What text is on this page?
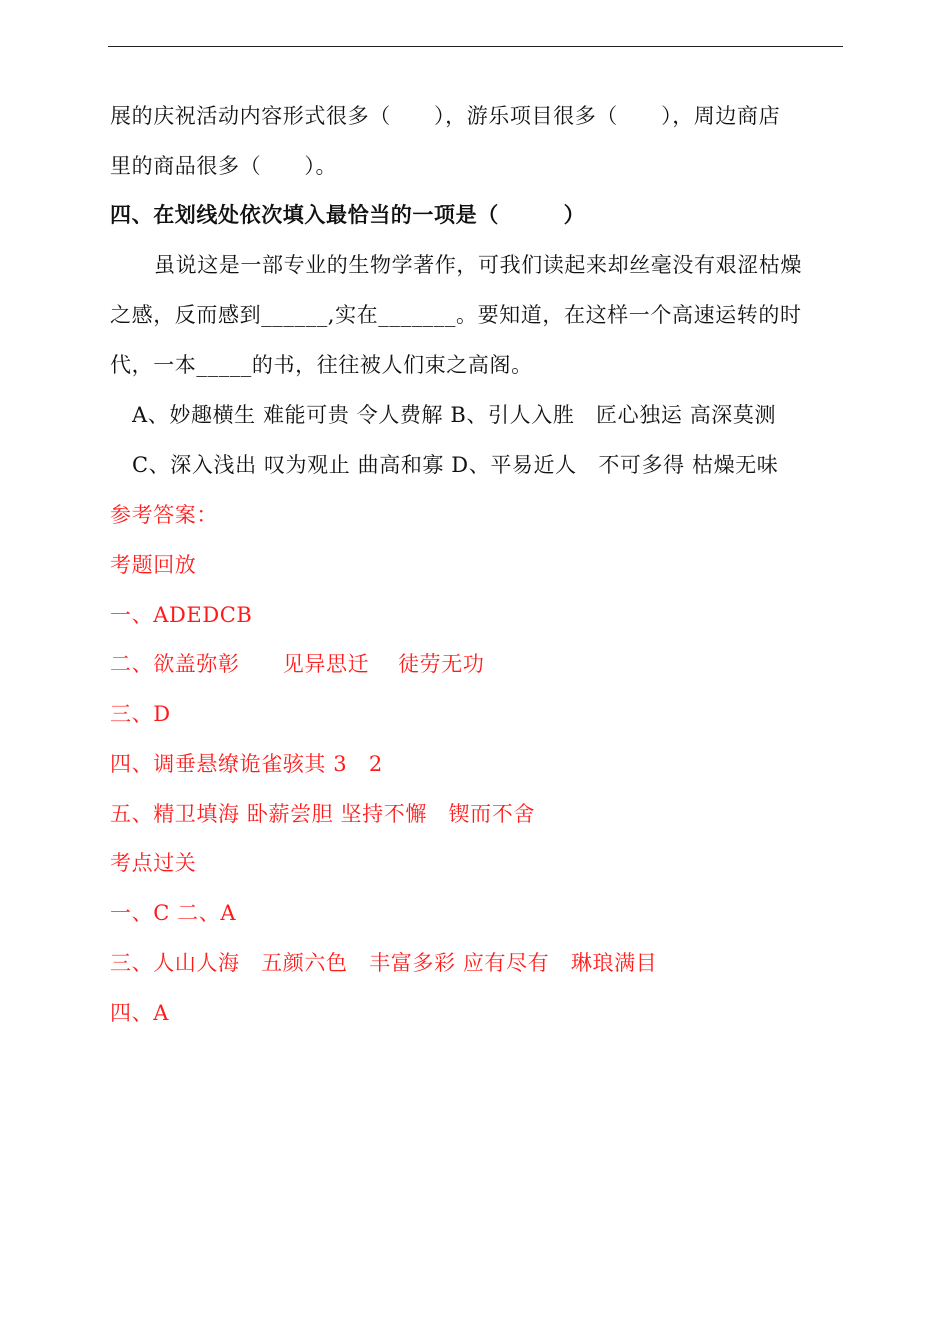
展的庆祝活动内容形式很多（　　），游乐项目很多（　　），周边商店
里的商品很多（　　）。
四、在划线处依次填入最恰当的一项是（　　　）
虽说这是一部专业的生物学著作，可我们读起来却丝毫没有艰涩枯燥
之感，反而感到______,实在_______。要知道，在这样一个高速运转的时
代，一本_____的书，往往被人们束之高阁。
A、妙趣横生 难能可贵 令人费解 B、引人入胜　匠心独运 高深莫测
C、深入浅出 叹为观止 曲高和寡 D、平易近人　不可多得 枯燥无味
参考答案：
考题回放
一、ADEDCB
二、欲盖弥彰　　见异思迁　 徒劳无功
三、D
四、调垂悬缭诡雀骇其 3　2
五、精卫填海 卧薪尝胆 坚持不懈　锲而不舍
考点过关
一、C 二、A
三、人山人海　五颜六色　丰富多彩 应有尽有　琳琅满目
四、A
